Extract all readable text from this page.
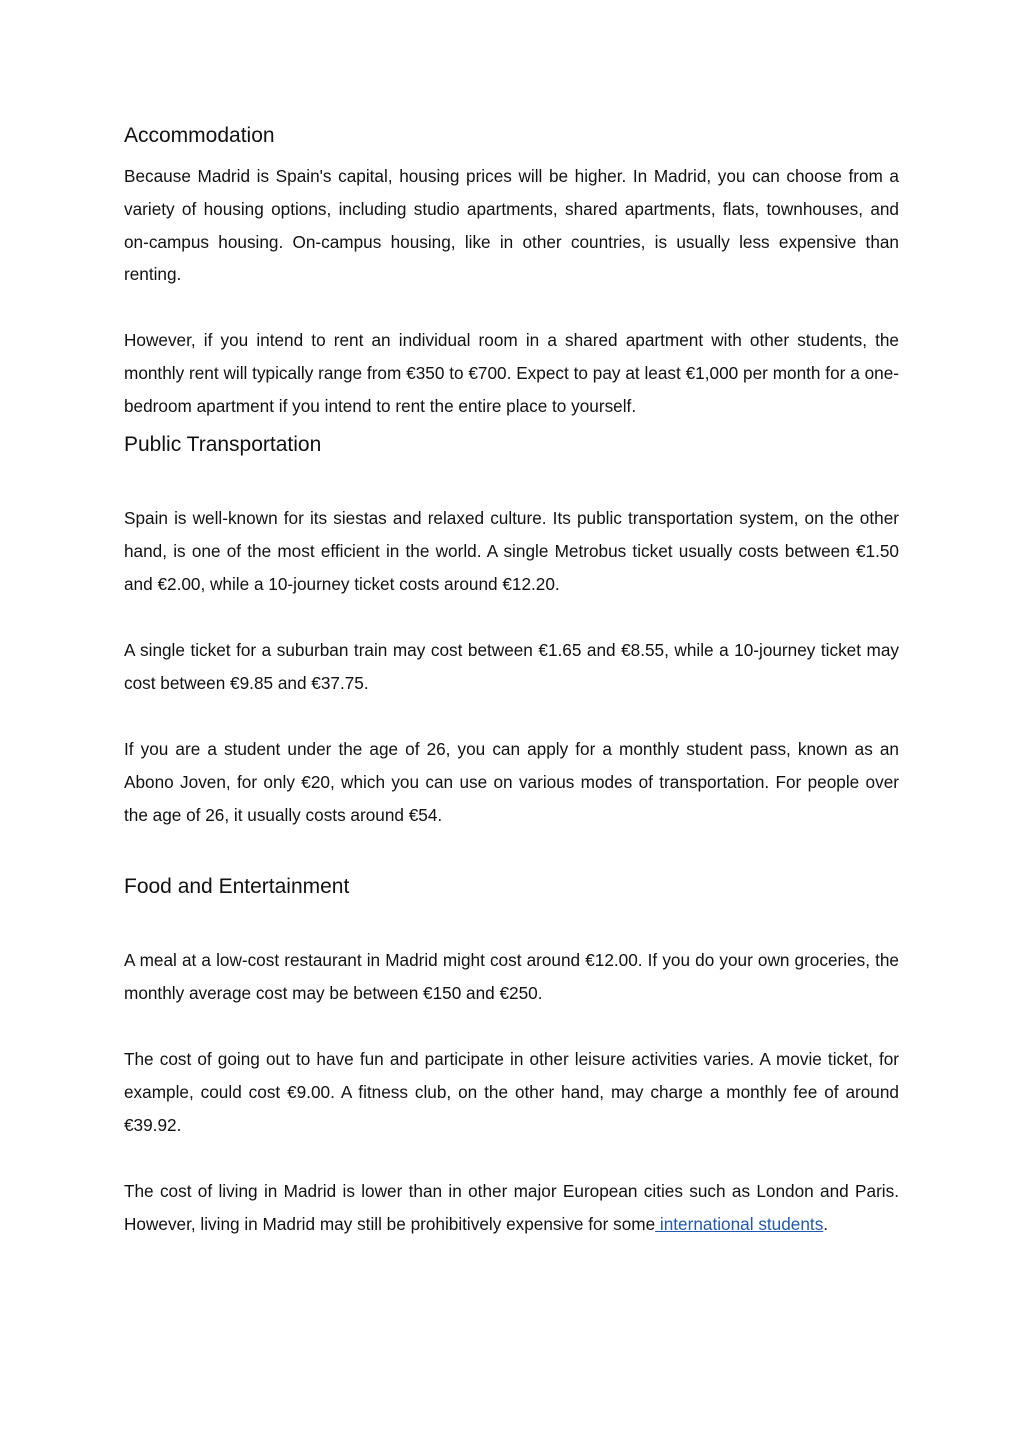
Accommodation

Because Madrid is Spain's capital, housing prices will be higher. In Madrid, you can choose from a variety of housing options, including studio apartments, shared apartments, flats, townhouses, and on-campus housing. On-campus housing, like in other countries, is usually less expensive than renting.

However, if you intend to rent an individual room in a shared apartment with other students, the monthly rent will typically range from €350 to €700. Expect to pay at least €1,000 per month for a one-bedroom apartment if you intend to rent the entire place to yourself.

Public Transportation

Spain is well-known for its siestas and relaxed culture. Its public transportation system, on the other hand, is one of the most efficient in the world. A single Metrobus ticket usually costs between €1.50 and €2.00, while a 10-journey ticket costs around €12.20.

A single ticket for a suburban train may cost between €1.65 and €8.55, while a 10-journey ticket may cost between €9.85 and €37.75.

If you are a student under the age of 26, you can apply for a monthly student pass, known as an Abono Joven, for only €20, which you can use on various modes of transportation. For people over the age of 26, it usually costs around €54.

Food and Entertainment

A meal at a low-cost restaurant in Madrid might cost around €12.00. If you do your own groceries, the monthly average cost may be between €150 and €250.

The cost of going out to have fun and participate in other leisure activities varies. A movie ticket, for example, could cost €9.00. A fitness club, on the other hand, may charge a monthly fee of around €39.92.

The cost of living in Madrid is lower than in other major European cities such as London and Paris. However, living in Madrid may still be prohibitively expensive for some international students.
